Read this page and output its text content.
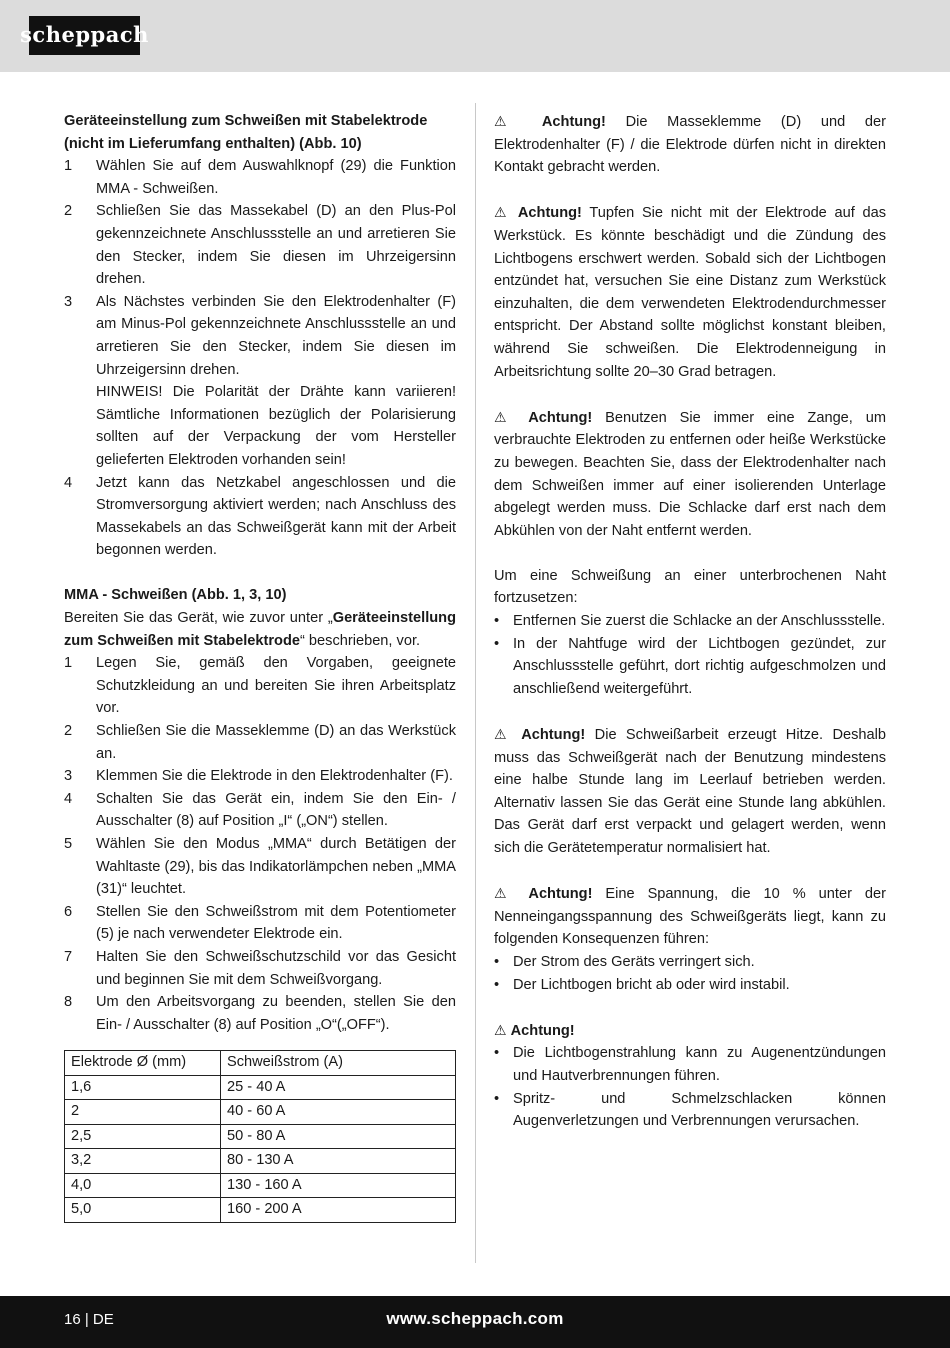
scheppach

Geräteeinstellung zum Schweißen mit Stabelektrode (nicht im Lieferumfang enthalten) (Abb. 10)

1 Wählen Sie auf dem Auswahlknopf (29) die Funktion MMA - Schweißen.
2 Schließen Sie das Massekabel (D) an den Plus-Pol gekennzeichnete Anschlussstelle an und arretieren Sie den Stecker, indem Sie diesen im Uhrzeigersinn drehen.
3 Als Nächstes verbinden Sie den Elektrodenhalter (F) am Minus-Pol gekennzeichnete Anschlussstelle an und arretieren Sie den Stecker, indem Sie diesen im Uhrzeigersinn drehen.
HINWEIS! Die Polarität der Drähte kann variieren! Sämtliche Informationen bezüglich der Polarisierung sollten auf der Verpackung der vom Hersteller gelieferten Elektroden vorhanden sein!
4 Jetzt kann das Netzkabel angeschlossen und die Stromversorgung aktiviert werden; nach Anschluss des Massekabels an das Schweißgerät kann mit der Arbeit begonnen werden.

MMA - Schweißen (Abb. 1, 3, 10)

Bereiten Sie das Gerät, wie zuvor unter „Geräteeinstellung zum Schweißen mit Stabelektrode“ beschrieben, vor.

1 Legen Sie, gemäß den Vorgaben, geeignete Schutzkleidung an und bereiten Sie ihren Arbeitsplatz vor.
2 Schließen Sie die Masseklemme (D) an das Werkstück an.
3 Klemmen Sie die Elektrode in den Elektrodenhalter (F).
4 Schalten Sie das Gerät ein, indem Sie den Ein- / Ausschalter (8) auf Position „I“ („ON“) stellen.
5 Wählen Sie den Modus „MMA“ durch Betätigen der Wahltaste (29), bis das Indikatorlämpchen neben „MMA (31)“ leuchtet.
6 Stellen Sie den Schweißstrom mit dem Potentiometer (5) je nach verwendeter Elektrode ein.
7 Halten Sie den Schweißschutzschild vor das Gesicht und beginnen Sie mit dem Schweißvorgang.
8 Um den Arbeitsvorgang zu beenden, stellen Sie den Ein- / Ausschalter (8) auf Position „O“(„OFF“).
Elektrode Ø (mm)	Schweißstrom (A)
1,6	25 - 40 A
2	40 - 60 A
2,5	50 - 80 A
3,2	80 - 130 A
4,0	130 - 160 A
5,0	160 - 200 A

⚠ Achtung! Die Masseklemme (D) und der Elektrodenhalter (F) / die Elektrode dürfen nicht in direkten Kontakt gebracht werden.

⚠ Achtung! Tupfen Sie nicht mit der Elektrode auf das Werkstück. Es könnte beschädigt und die Zündung des Lichtbogens erschwert werden. Sobald sich der Lichtbogen entzündet hat, versuchen Sie eine Distanz zum Werkstück einzuhalten, die dem verwendeten Elektrodendurchmesser entspricht. Der Abstand sollte möglichst konstant bleiben, während Sie schweißen. Die Elektrodenneigung in Arbeitsrichtung sollte 20–30 Grad betragen.

⚠ Achtung! Benutzen Sie immer eine Zange, um verbrauchte Elektroden zu entfernen oder heiße Werkstücke zu bewegen. Beachten Sie, dass der Elektrodenhalter nach dem Schweißen immer auf einer isolierenden Unterlage abgelegt werden muss. Die Schlacke darf erst nach dem Abkühlen von der Naht entfernt werden.

Um eine Schweißung an einer unterbrochenen Naht fortzusetzen:

• Entfernen Sie zuerst die Schlacke an der Anschlussstelle.
• In der Nahtfuge wird der Lichtbogen gezündet, zur Anschlussstelle geführt, dort richtig aufgeschmolzen und anschließend weitergeführt.

⚠ Achtung! Die Schweißarbeit erzeugt Hitze. Deshalb muss das Schweißgerät nach der Benutzung mindestens eine halbe Stunde lang im Leerlauf betrieben werden. Alternativ lassen Sie das Gerät eine Stunde lang abkühlen. Das Gerät darf erst verpackt und gelagert werden, wenn sich die Gerätetemperatur normalisiert hat.

⚠ Achtung! Eine Spannung, die 10 % unter der Nenneingangsspannung des Schweißgeräts liegt, kann zu folgenden Konsequenzen führen:

• Der Strom des Geräts verringert sich.
• Der Lichtbogen bricht ab oder wird instabil.

⚠ Achtung!

• Die Lichtbogenstrahlung kann zu Augenentzündungen und Hautverbrennungen führen.
• Spritz- und Schmelzschlacken können Augenverletzungen und Verbrennungen verursachen.
16 | DE	www.scheppach.com
